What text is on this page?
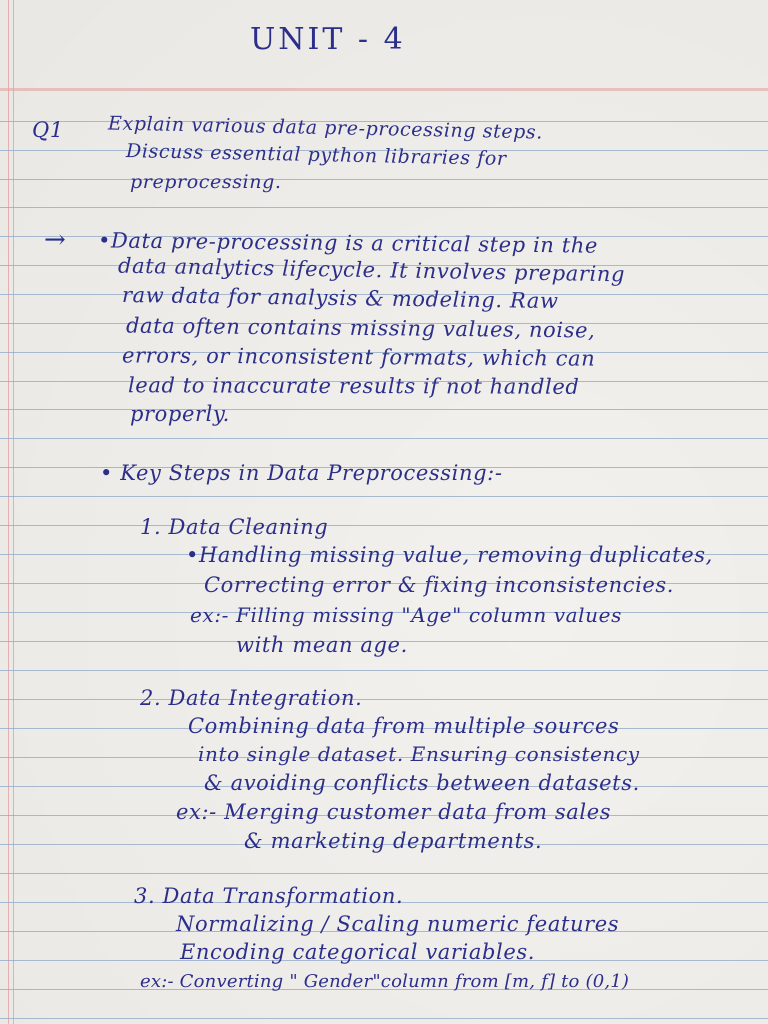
UNIT - 4
Q1 Explain various data pre-processing steps.
Discuss essential python libraries for
preprocessing.
→ •Data pre-processing is a critical step in the
data analytics lifecycle. It involves preparing
raw data for analysis & modeling. Raw
data often contains missing values, noise,
errors, or inconsistent formats, which can
lead to inaccurate results if not handled
properly.
• Key Steps in Data Preprocessing:-
1. Data Cleaning
•Handling missing value, removing duplicates,
Correcting error & fixing inconsistencies.
ex:- Filling missing "Age" column values
with mean age.
2. Data Integration.
Combining data from multiple sources
into single dataset. Ensuring consistency
& avoiding conflicts between datasets.
ex:- Merging customer data from sales
& marketing departments.
3. Data Transformation.
Normalizing / Scaling numeric features
Encoding categorical variables.
ex:- Converting " Gender"column from [m, f] to (0,1)
